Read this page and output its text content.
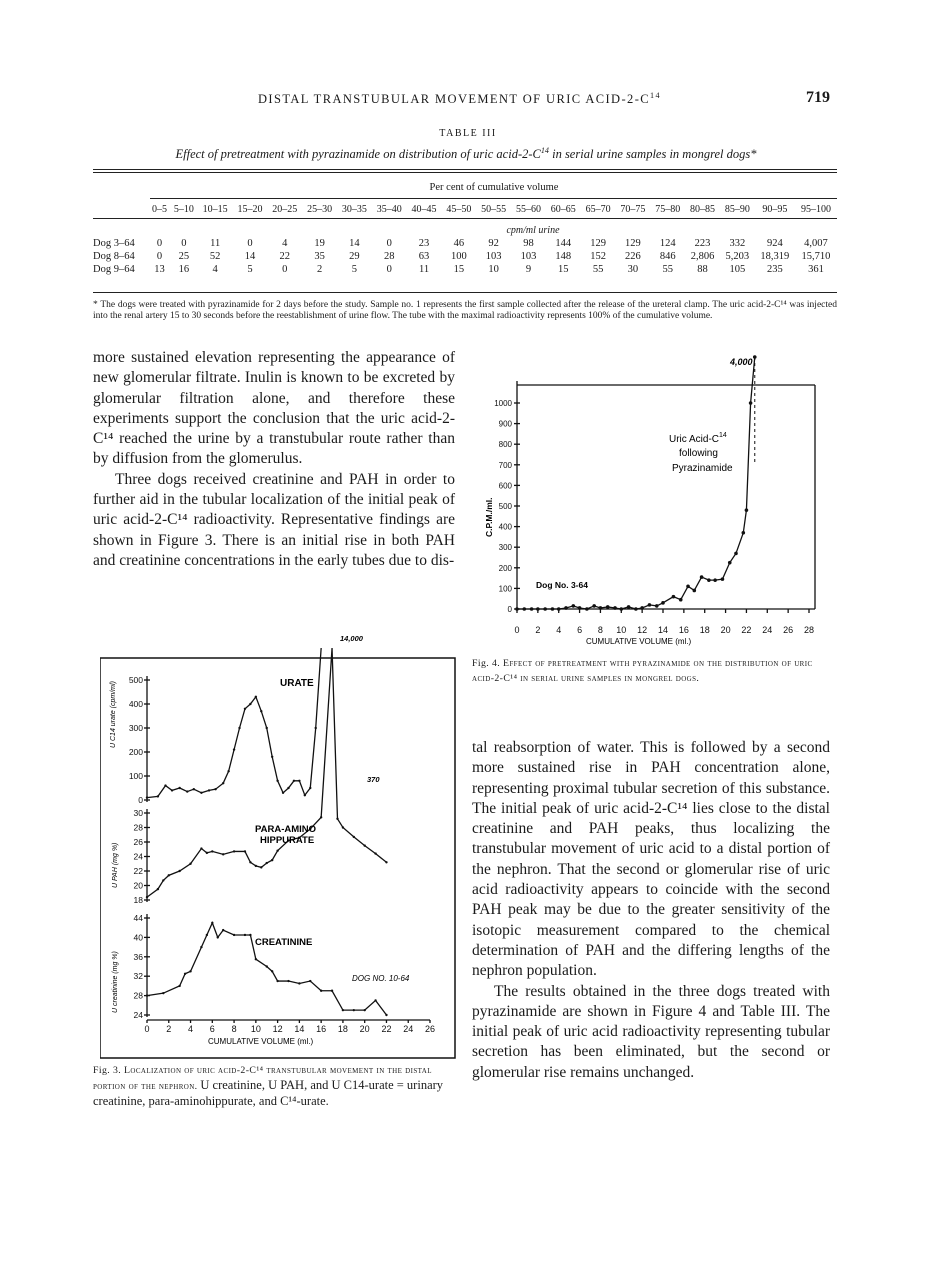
DISTAL TRANSTUBULAR MOVEMENT OF URIC ACID-$2-C^{14}$	719
TABLE III
Effect of pretreatment with pyrazinamide on distribution of uric acid-$2-C^{14}$ in serial urine samples in mongrel dogs*
Per cent of cumulative volume
	0–5	5–10	10–15	15–20	20–25	25–30	30–35	35–40	40–45	45–50	50–55	55–60	60–65	65–70	70–75	75–80	80–85	85–90	90–95	95–100
	cpm/ml urine																			
Dog 3–64	0	0	11	0	4	19	14	0	23	46	92	98	144	129	129	124	223	332	924	4,007
Dog 8–64	0	25	52	14	22	35	29	28	63	100	103	103	148	152	226	846	2,806	5,203	18,319	15,710
Dog 9–64	13	16	4	5	0	2	5	0	11	15	10	9	15	55	30	55	88	105	235	361
* The dogs were treated with pyrazinamide for 2 days before the study. Sample no. 1 represents the first sample collected after the release of the ureteral clamp. The uric acid-2-C¹⁴ was injected into the renal artery 15 to 30 seconds before the reestablishment of urine flow. The tube with the maximal radioactivity represents 100% of the cumulative volume.

more sustained elevation representing the appearance of new glomerular filtrate. Inulin is known to be excreted by glomerular filtration alone, and therefore these experiments support the conclusion that the uric acid-2-C¹⁴ reached the urine by a transtubular route rather than by diffusion from the glomerulus.

Three dogs received creatinine and PAH in order to further aid in the tubular localization of the initial peak of uric acid-2-C¹⁴ radioactivity. Representative findings are shown in Figure 3. There is an initial rise in both PAH and creatinine concentrations in the early tubes due to dis-

tal reabsorption of water. This is followed by a second more sustained rise in PAH concentration alone, representing proximal tubular secretion of this substance. The initial peak of uric acid-2-C¹⁴ lies close to the distal creatinine and PAH peaks, thus localizing the transtubular movement of uric acid to a distal portion of the nephron. That the second or glomerular rise of uric acid radioactivity appears to coincide with the second PAH peak may be due to the greater sensitivity of the isotopic measurement compared to the chemical determination of PAH and the differing lengths of the nephron population.

The results obtained in the three dogs treated with pyrazinamide are shown in Figure 4 and Table III. The initial peak of uric acid radioactivity representing tubular secretion has been eliminated, but the second or glomerular rise remains unchanged.

4,000
Uric Acid-$C^{14}$
following
Pyrazinamide
Dog No. 3-64
C.P.M./ml.
CUMULATIVE VOLUME (ml.)
1000
900
800
700
600
500
400
300
200
100
0
0 2 4 6 8 10 12 14 16 18 20 22 24 26 28
Fig. 4. Effect of pretreatment with pyrazinamide on the distribution of uric acid-2-C¹⁴ in serial urine samples in mongrel dogs.
14,000
URATE
PARA-AMINO
HIPPURATE
370
CREATININE
DOG NO. 10-64
U C14 urate (cpm/ml)
U PAH (mg %)
U creatinine (mg %)
CUMULATIVE VOLUME (ml.)
500
400
300
200
100
0
30
28
26
24
22
20
18
44
40
36
32
28
24
0 2 4 6 8 10 12 14 16 18 20 22 24 26
Fig. 3. Localization of uric acid-2-C¹⁴ transtubular movement in the distal portion of the nephron. U creatinine, U PAH, and U C14-urate = urinary creatinine, para-aminohippurate, and C¹⁴-urate.
